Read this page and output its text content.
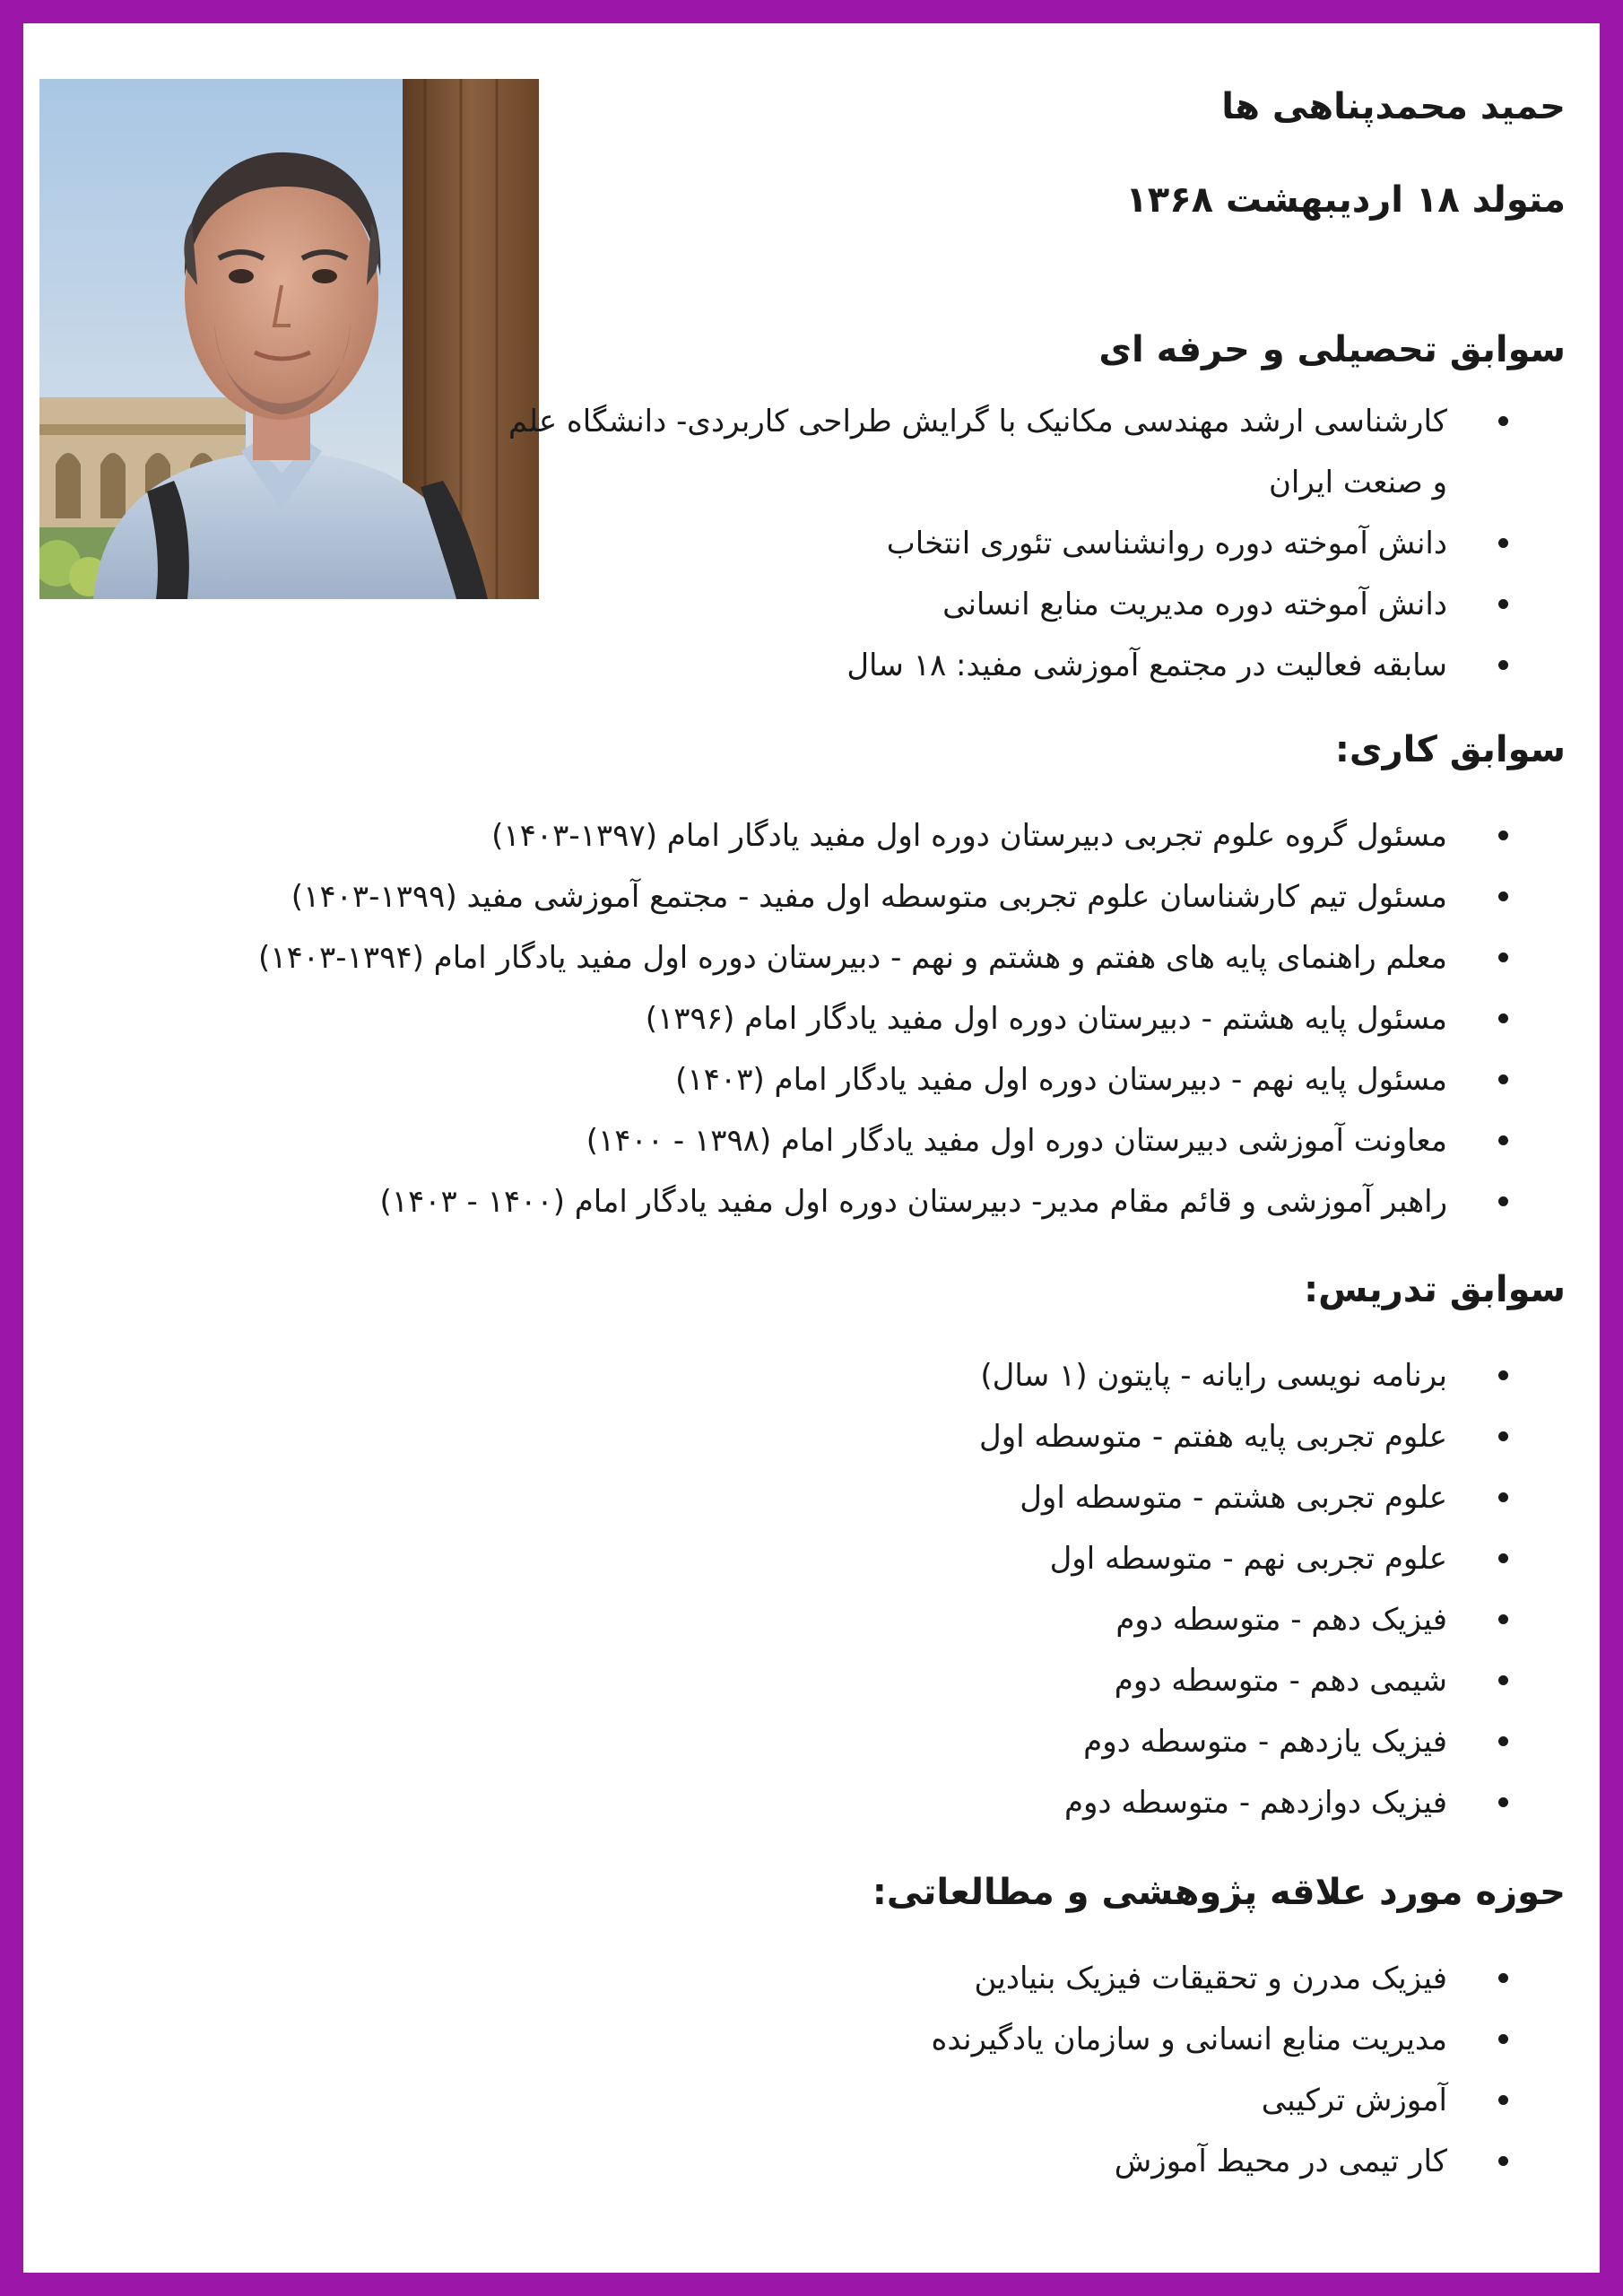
حمید محمدپناهی ها

متولد ۱۸ اردیبهشت ۱۳۶۸

سوابق تحصیلی و حرفه ای
کارشناسی ارشد مهندسی مکانیک با گرایش طراحی کاربردی- دانشگاه علم و صنعت ایران
دانش آموخته دوره روانشناسی تئوری انتخاب
دانش آموخته دوره مدیریت منابع انسانی
سابقه فعالیت در مجتمع آموزشی مفید: ۱۸ سال
سوابق کاری:
مسئول گروه علوم تجربی دبیرستان دوره اول مفید یادگار امام (۱۳۹۷-۱۴۰۳)
مسئول تیم کارشناسان علوم تجربی متوسطه اول مفید - مجتمع آموزشی مفید (۱۳۹۹-۱۴۰۳)
معلم راهنمای پایه های هفتم و هشتم و نهم - دبیرستان دوره اول مفید یادگار امام (۱۳۹۴-۱۴۰۳)
مسئول پایه هشتم - دبیرستان دوره اول مفید یادگار امام (۱۳۹۶)
مسئول پایه نهم - دبیرستان دوره اول مفید یادگار امام (۱۴۰۳)
معاونت آموزشی دبیرستان دوره اول مفید یادگار امام (۱۳۹۸ - ۱۴۰۰)
راهبر آموزشی و قائم مقام مدیر- دبیرستان دوره اول مفید یادگار امام (۱۴۰۰ - ۱۴۰۳)
سوابق تدریس:
برنامه نویسی رایانه - پایتون (۱ سال)
علوم تجربی پایه هفتم - متوسطه اول
علوم تجربی هشتم - متوسطه اول
علوم تجربی نهم - متوسطه اول
فیزیک دهم - متوسطه دوم
شیمی دهم - متوسطه دوم
فیزیک یازدهم - متوسطه دوم
فیزیک دوازدهم - متوسطه دوم
حوزه مورد علاقه پژوهشی و مطالعاتی:
فیزیک مدرن و تحقیقات فیزیک بنیادین
مدیریت منابع انسانی و سازمان یادگیرنده
آموزش ترکیبی
کار تیمی در محیط آموزش
